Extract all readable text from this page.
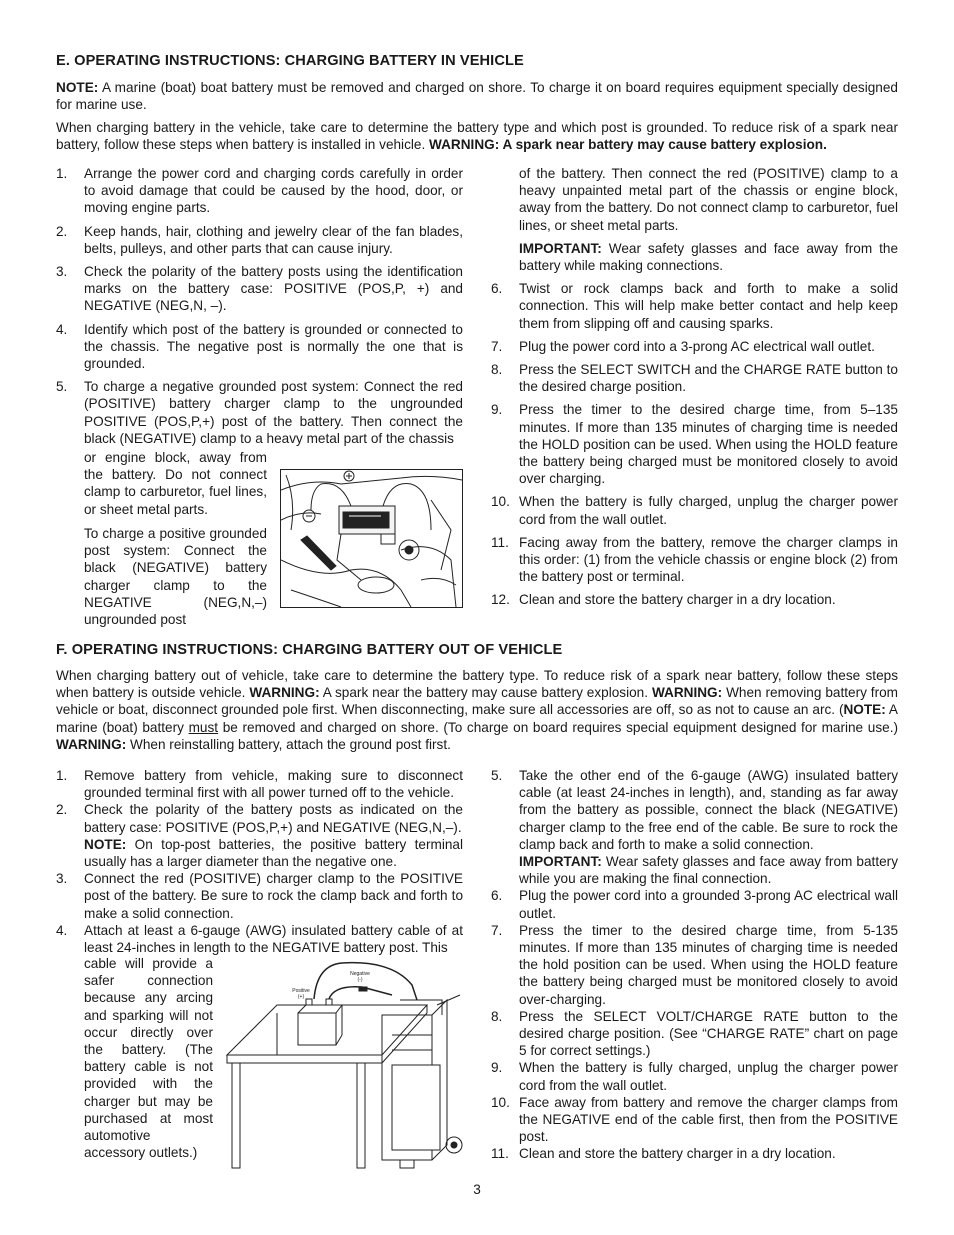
E. OPERATING INSTRUCTIONS: CHARGING BATTERY IN VEHICLE
NOTE: A marine (boat) boat battery must be removed and charged on shore. To charge it on board requires equipment specially designed for marine use.
When charging battery in the vehicle, take care to determine the battery type and which post is grounded. To reduce risk of a spark near battery, follow these steps when battery is installed in vehicle. WARNING: A spark near battery may cause battery explosion.
1. Arrange the power cord and charging cords carefully in order to avoid damage that could be caused by the hood, door, or moving engine parts.
2. Keep hands, hair, clothing and jewelry clear of the fan blades, belts, pulleys, and other parts that can cause injury.
3. Check the polarity of the battery posts using the identification marks on the battery case: POSITIVE (POS,P, +) and NEGATIVE (NEG,N, –).
4. Identify which post of the battery is grounded or connected to the chassis. The negative post is normally the one that is grounded.
5. To charge a negative grounded post system: Connect the red (POSITIVE) battery charger clamp to the ungrounded POSITIVE (POS,P,+) post of the battery. Then connect the black (NEGATIVE) clamp to a heavy metal part of the chassis
or engine block, away from the battery. Do not connect clamp to carburetor, fuel lines, or sheet metal parts.
To charge a positive grounded post system: Connect the black (NEGATIVE) battery charger clamp to the NEGATIVE (NEG,N,–) ungrounded post
of the battery. Then connect the red (POSITIVE) clamp to a heavy unpainted metal part of the chassis or engine block, away from the battery. Do not connect clamp to carburetor, fuel lines, or sheet metal parts.
IMPORTANT: Wear safety glasses and face away from the battery while making connections.
6. Twist or rock clamps back and forth to make a solid connection. This will help make better contact and help keep them from slipping off and causing sparks.
7. Plug the power cord into a 3-prong AC electrical wall outlet.
8. Press the SELECT SWITCH and the CHARGE RATE button to the desired charge position.
9. Press the timer to the desired charge time, from 5–135 minutes. If more than 135 minutes of charging time is needed the HOLD position can be used. When using the HOLD feature the battery being charged must be monitored closely to avoid over charging.
10. When the battery is fully charged, unplug the charger power cord from the wall outlet.
11. Facing away from the battery, remove the charger clamps in this order: (1) from the vehicle chassis or engine block (2) from the battery post or terminal.
12. Clean and store the battery charger in a dry location.
F. OPERATING INSTRUCTIONS: CHARGING BATTERY OUT OF VEHICLE
When charging battery out of vehicle, take care to determine the battery type. To reduce risk of a spark near battery, follow these steps when battery is outside vehicle. WARNING: A spark near the battery may cause battery explosion. WARNING: When removing battery from vehicle or boat, disconnect grounded pole first. When disconnecting, make sure all accessories are off, so as not to cause an arc. (NOTE: A marine (boat) battery must be removed and charged on shore. (To charge on board requires special equipment designed for marine use.) WARNING: When reinstalling battery, attach the ground post first.
1. Remove battery from vehicle, making sure to disconnect grounded terminal first with all power turned off to the vehicle.
2. Check the polarity of the battery posts as indicated on the battery case: POSITIVE (POS,P,+) and NEGATIVE (NEG,N,–).
NOTE: On top-post batteries, the positive battery terminal usually has a larger diameter than the negative one.
3. Connect the red (POSITIVE) charger clamp to the POSITIVE post of the battery. Be sure to rock the clamp back and forth to make a solid connection.
4. Attach at least a 6-gauge (AWG) insulated battery cable of at least 24-inches in length to the NEGATIVE battery post. This
cable will provide a safer connection because any arcing and sparking will not occur directly over the battery. (The battery cable is not provided with the charger but may be purchased at most automotive accessory outlets.)
Negative
(-)
Positive
(+)
5. Take the other end of the 6-gauge (AWG) insulated battery cable (at least 24-inches in length), and, standing as far away from the battery as possible, connect the black (NEGATIVE) charger clamp to the free end of the cable. Be sure to rock the clamp back and forth to make a solid connection.
IMPORTANT: Wear safety glasses and face away from battery while you are making the final connection.
6. Plug the power cord into a grounded 3-prong AC electrical wall outlet.
7. Press the timer to the desired charge time, from 5-135 minutes. If more than 135 minutes of charging time is needed the hold position can be used. When using the HOLD feature the battery being charged must be monitored closely to avoid over-charging.
8. Press the SELECT VOLT/CHARGE RATE button to the desired charge position. (See “CHARGE RATE” chart on page 5 for correct settings.)
9. When the battery is fully charged, unplug the charger power cord from the wall outlet.
10. Face away from battery and remove the charger clamps from the NEGATIVE end of the cable first, then from the POSITIVE post.
11. Clean and store the battery charger in a dry location.
3
